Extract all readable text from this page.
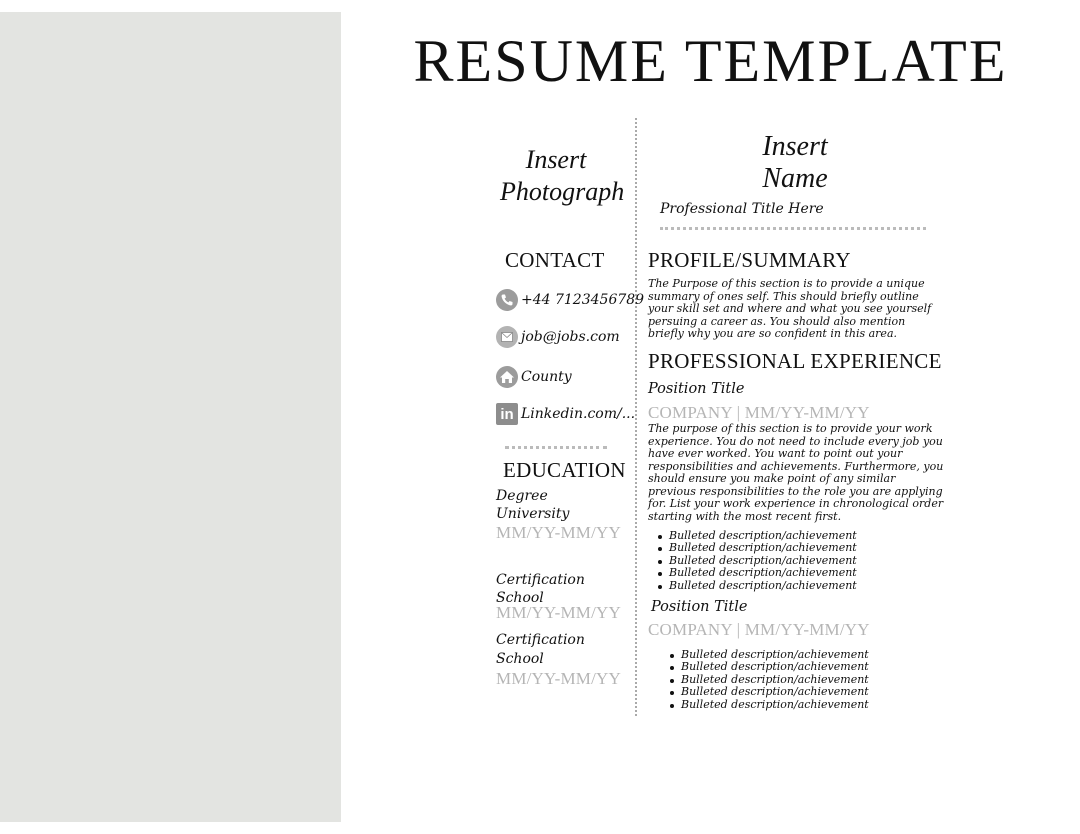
RESUME TEMPLATE
Insert Photograph
CONTACT
+44 7123456789
job@jobs.com
County
in Linkedin.com/...
EDUCATION
Degree
University
MM/YY-MM/YY
Certification
School
MM/YY-MM/YY
Certification
School
MM/YY-MM/YY
Insert Name
Professional Title Here
PROFILE/SUMMARY

The Purpose of this section is to provide a unique summary of ones self. This should briefly outline your skill set and where and what you see yourself persuing a career as. You should also mention briefly why you are so confident in this area.

PROFESSIONAL EXPERIENCE
Position Title
COMPANY | MM/YY-MM/YY

The purpose of this section is to provide your work experience. You do not need to include every job you have ever worked. You want to point out your responsibilities and achievements. Furthermore, you should ensure you make point of any similar previous responsibilities to the role you are applying for. List your work experience in chronological order starting with the most recent first.

Bulleted description/achievement
Bulleted description/achievement
Bulleted description/achievement
Bulleted description/achievement
Bulleted description/achievement
Position Title
COMPANY | MM/YY-MM/YY
Bulleted description/achievement
Bulleted description/achievement
Bulleted description/achievement
Bulleted description/achievement
Bulleted description/achievement
